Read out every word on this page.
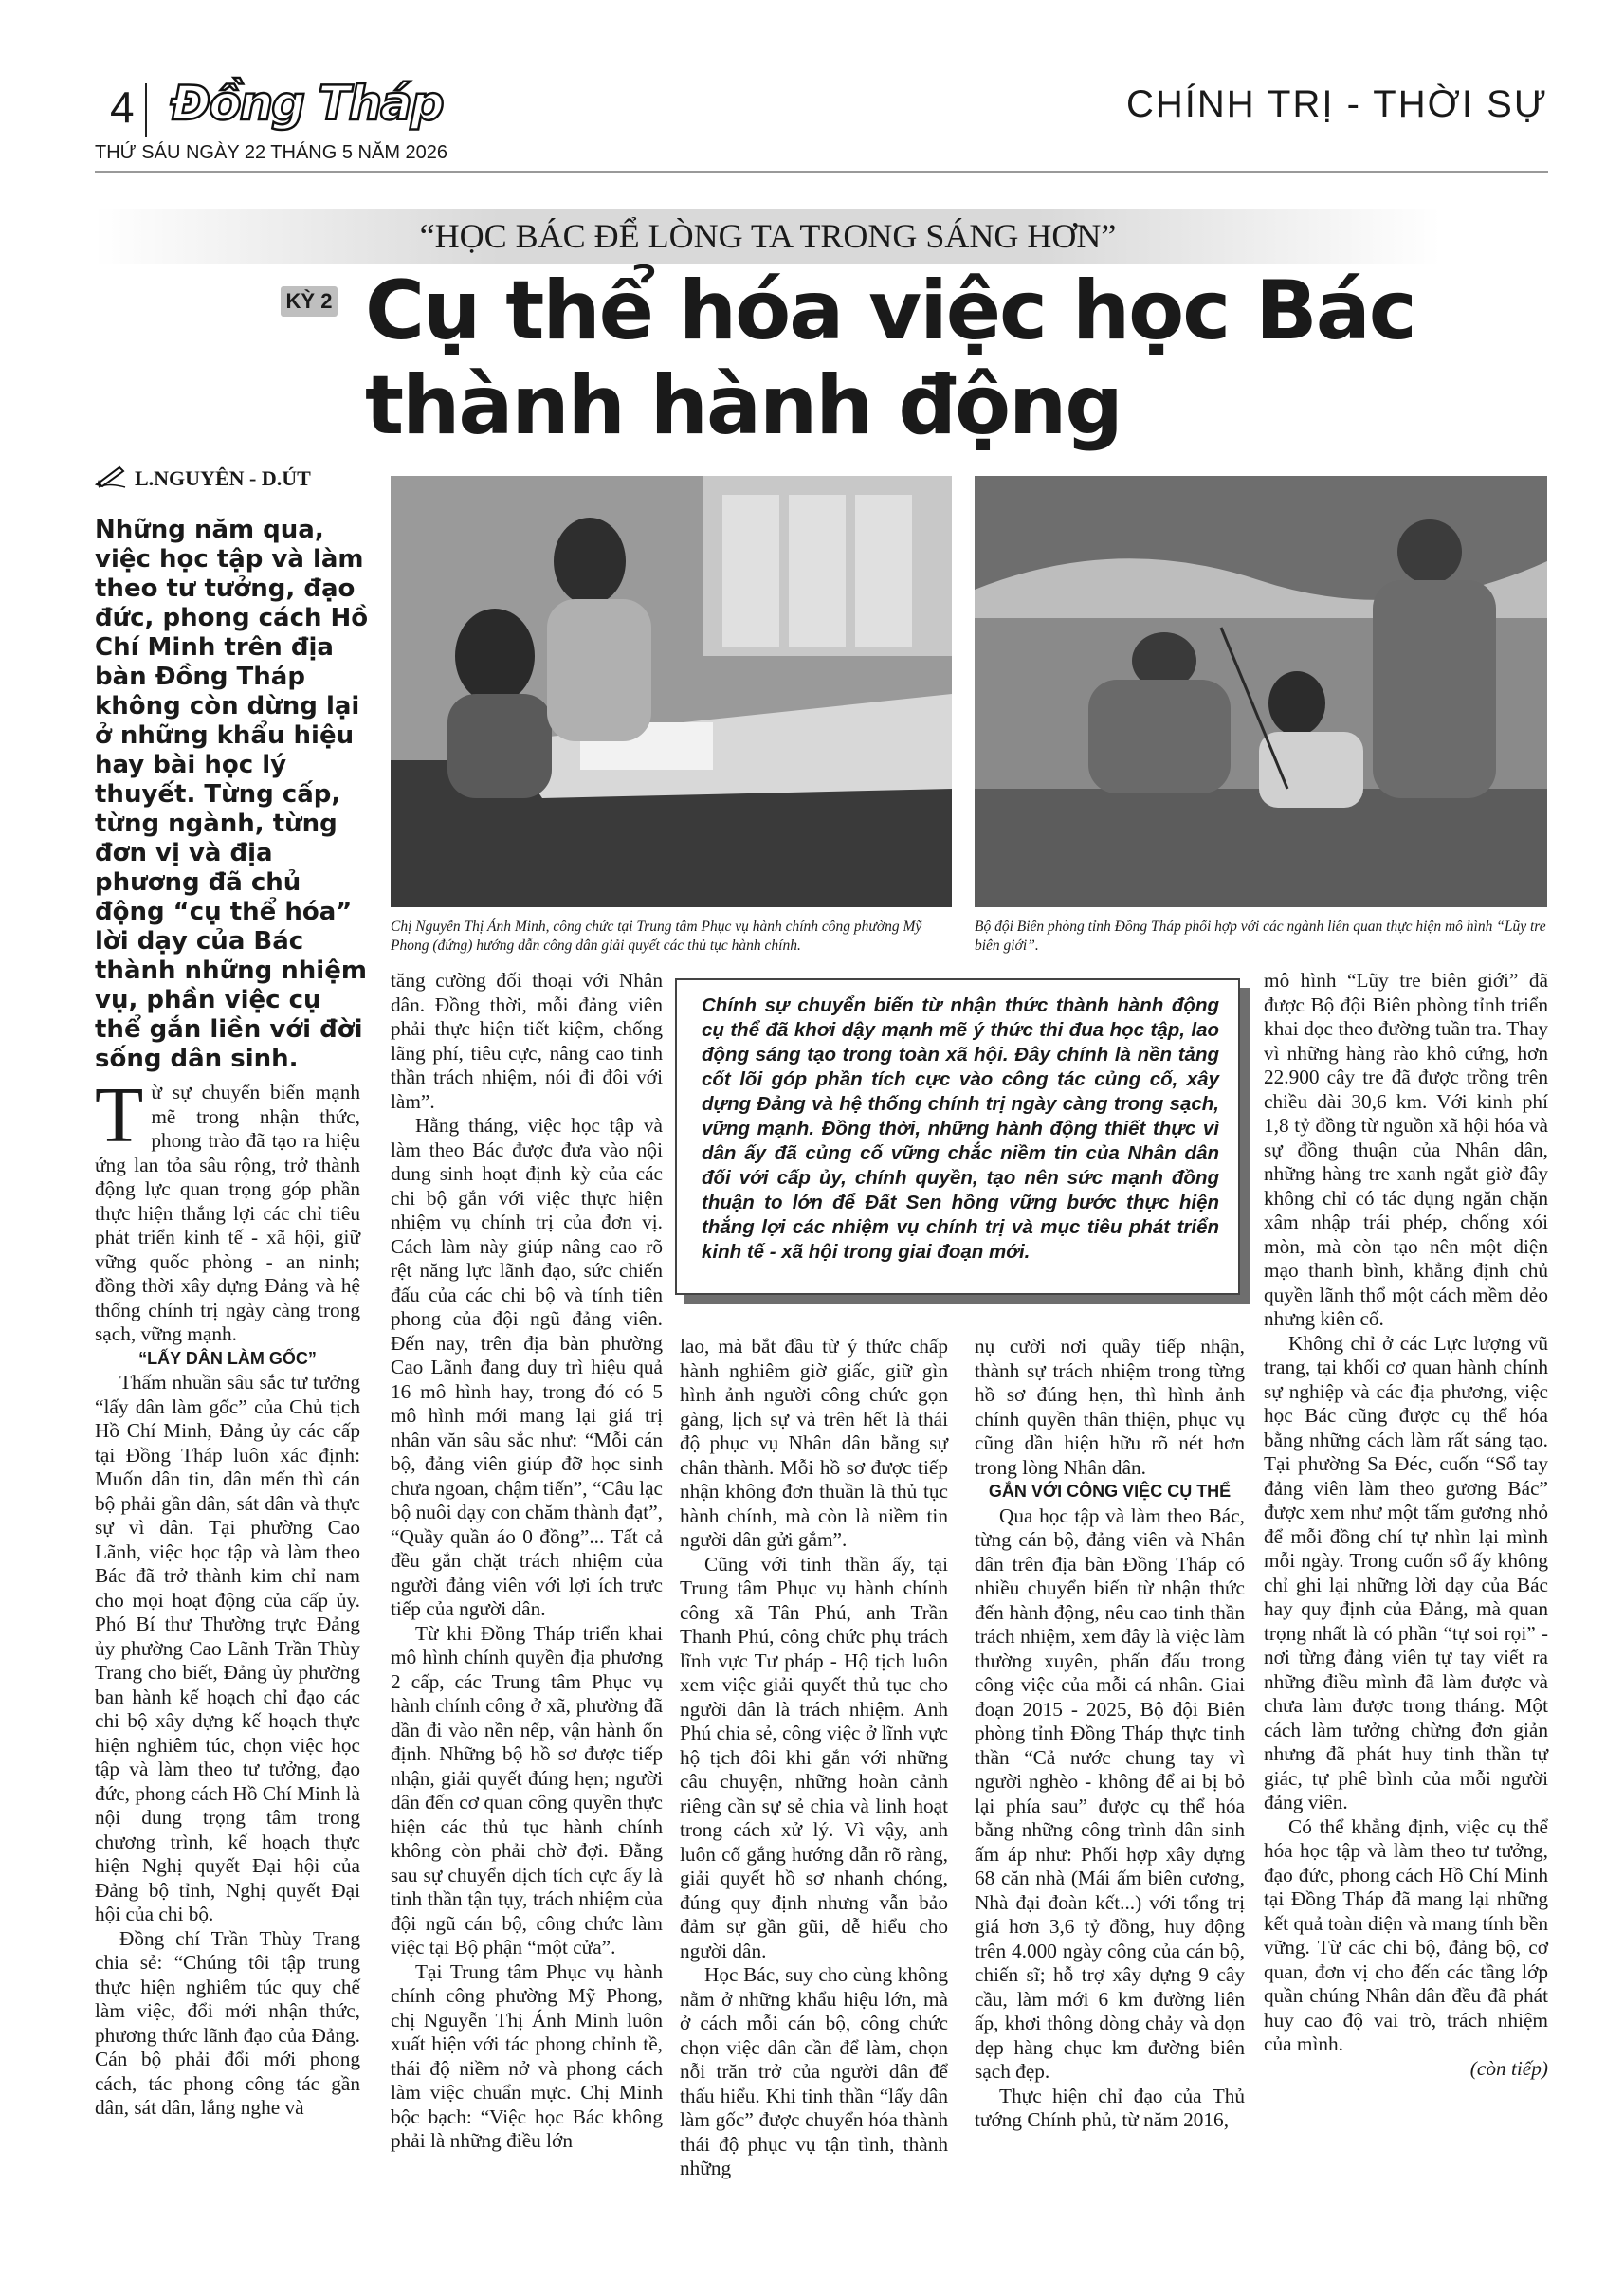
4 Đồng Tháp	CHÍNH TRỊ - THỜI SỰ
THỨ SÁU NGÀY 22 THÁNG 5 NĂM 2026
“HỌC BÁC ĐỂ LÒNG TA TRONG SÁNG HƠN”
KỲ 2 Cụ thể hóa việc học Bác
thành hành động
L.NGUYÊN - D.ÚT
Những năm qua, việc học tập và làm theo tư tưởng, đạo đức, phong cách Hồ Chí Minh trên địa bàn Đồng Tháp không còn dừng lại ở những khẩu hiệu hay bài học lý thuyết. Từng cấp, từng ngành, từng đơn vị và địa phương đã chủ động “cụ thể hóa” lời dạy của Bác thành những nhiệm vụ, phần việc cụ thể gắn liền với đời sống dân sinh.
Chị Nguyễn Thị Ánh Minh, công chức tại Trung tâm Phục vụ hành chính công phường Mỹ Phong (đứng) hướng dẫn công dân giải quyết các thủ tục hành chính.
Bộ đội Biên phòng tỉnh Đồng Tháp phối hợp với các ngành liên quan thực hiện mô hình “Lũy tre biên giới”.
Chính sự chuyển biến từ nhận thức thành hành động cụ thể đã khơi dậy mạnh mẽ ý thức thi đua học tập, lao động sáng tạo trong toàn xã hội. Đây chính là nền tảng cốt lõi góp phần tích cực vào công tác củng cố, xây dựng Đảng và hệ thống chính trị ngày càng trong sạch, vững mạnh. Đồng thời, những hành động thiết thực vì dân ấy đã củng cố vững chắc niềm tin của Nhân dân đối với cấp ủy, chính quyền, tạo nên sức mạnh đồng thuận to lớn để Đất Sen hồng vững bước thực hiện thắng lợi các nhiệm vụ chính trị và mục tiêu phát triển kinh tế - xã hội trong giai đoạn mới.

Từ sự chuyển biến mạnh mẽ trong nhận thức, phong trào đã tạo ra hiệu ứng lan tỏa sâu rộng, trở thành động lực quan trọng góp phần thực hiện thắng lợi các chỉ tiêu phát triển kinh tế - xã hội, giữ vững quốc phòng - an ninh; đồng thời xây dựng Đảng và hệ thống chính trị ngày càng trong sạch, vững mạnh.

“LẤY DÂN LÀM GỐC”

Thấm nhuần sâu sắc tư tưởng “lấy dân làm gốc” của Chủ tịch Hồ Chí Minh, Đảng ủy các cấp tại Đồng Tháp luôn xác định: Muốn dân tin, dân mến thì cán bộ phải gần dân, sát dân và thực sự vì dân. Tại phường Cao Lãnh, việc học tập và làm theo Bác đã trở thành kim chỉ nam cho mọi hoạt động của cấp ủy. Phó Bí thư Thường trực Đảng ủy phường Cao Lãnh Trần Thùy Trang cho biết, Đảng ủy phường ban hành kế hoạch chỉ đạo các chi bộ xây dựng kế hoạch thực hiện nghiêm túc, chọn việc học tập và làm theo tư tưởng, đạo đức, phong cách Hồ Chí Minh là nội dung trọng tâm trong chương trình, kế hoạch thực hiện Nghị quyết Đại hội của Đảng bộ tỉnh, Nghị quyết Đại hội của chi bộ.

Đồng chí Trần Thùy Trang chia sẻ: “Chúng tôi tập trung thực hiện nghiêm túc quy chế làm việc, đổi mới nhận thức, phương thức lãnh đạo của Đảng. Cán bộ phải đổi mới phong cách, tác phong công tác gần dân, sát dân, lắng nghe và

tăng cường đối thoại với Nhân dân. Đồng thời, mỗi đảng viên phải thực hiện tiết kiệm, chống lãng phí, tiêu cực, nâng cao tinh thần trách nhiệm, nói đi đôi với làm”.

Hằng tháng, việc học tập và làm theo Bác được đưa vào nội dung sinh hoạt định kỳ của các chi bộ gắn với việc thực hiện nhiệm vụ chính trị của đơn vị. Cách làm này giúp nâng cao rõ rệt năng lực lãnh đạo, sức chiến đấu của các chi bộ và tính tiên phong của đội ngũ đảng viên. Đến nay, trên địa bàn phường Cao Lãnh đang duy trì hiệu quả 16 mô hình hay, trong đó có 5 mô hình mới mang lại giá trị nhân văn sâu sắc như: “Mỗi cán bộ, đảng viên giúp đỡ học sinh chưa ngoan, chậm tiến”, “Câu lạc bộ nuôi dạy con chăm thành đạt”, “Quầy quần áo 0 đồng”... Tất cả đều gắn chặt trách nhiệm của người đảng viên với lợi ích trực tiếp của người dân.

Từ khi Đồng Tháp triển khai mô hình chính quyền địa phương 2 cấp, các Trung tâm Phục vụ hành chính công ở xã, phường đã dần đi vào nền nếp, vận hành ổn định. Những bộ hồ sơ được tiếp nhận, giải quyết đúng hẹn; người dân đến cơ quan công quyền thực hiện các thủ tục hành chính không còn phải chờ đợi. Đằng sau sự chuyển dịch tích cực ấy là tinh thần tận tụy, trách nhiệm của đội ngũ cán bộ, công chức làm việc tại Bộ phận “một cửa”.

Tại Trung tâm Phục vụ hành chính công phường Mỹ Phong, chị Nguyễn Thị Ánh Minh luôn xuất hiện với tác phong chỉnh tề, thái độ niềm nở và phong cách làm việc chuẩn mực. Chị Minh bộc bạch: “Việc học Bác không phải là những điều lớn

lao, mà bắt đầu từ ý thức chấp hành nghiêm giờ giấc, giữ gìn hình ảnh người công chức gọn gàng, lịch sự và trên hết là thái độ phục vụ Nhân dân bằng sự chân thành. Mỗi hồ sơ được tiếp nhận không đơn thuần là thủ tục hành chính, mà còn là niềm tin người dân gửi gắm”.

Cũng với tinh thần ấy, tại Trung tâm Phục vụ hành chính công xã Tân Phú, anh Trần Thanh Phú, công chức phụ trách lĩnh vực Tư pháp - Hộ tịch luôn xem việc giải quyết thủ tục cho người dân là trách nhiệm. Anh Phú chia sẻ, công việc ở lĩnh vực hộ tịch đôi khi gắn với những câu chuyện, những hoàn cảnh riêng cần sự sẻ chia và linh hoạt trong cách xử lý. Vì vậy, anh luôn cố gắng hướng dẫn rõ ràng, giải quyết hồ sơ nhanh chóng, đúng quy định nhưng vẫn bảo đảm sự gần gũi, dễ hiểu cho người dân.

Học Bác, suy cho cùng không nằm ở những khẩu hiệu lớn, mà ở cách mỗi cán bộ, công chức chọn việc dân cần để làm, chọn nỗi trăn trở của người dân để thấu hiểu. Khi tinh thần “lấy dân làm gốc” được chuyển hóa thành thái độ phục vụ tận tình, thành những

nụ cười nơi quầy tiếp nhận, thành sự trách nhiệm trong từng hồ sơ đúng hẹn, thì hình ảnh chính quyền thân thiện, phục vụ cũng dần hiện hữu rõ nét hơn trong lòng Nhân dân.

GẮN VỚI CÔNG VIỆC CỤ THỂ

Qua học tập và làm theo Bác, từng cán bộ, đảng viên và Nhân dân trên địa bàn Đồng Tháp có nhiều chuyển biến từ nhận thức đến hành động, nêu cao tinh thần trách nhiệm, xem đây là việc làm thường xuyên, phấn đấu trong công việc của mỗi cá nhân. Giai đoạn 2015 - 2025, Bộ đội Biên phòng tỉnh Đồng Tháp thực tinh thần “Cả nước chung tay vì người nghèo - không để ai bị bỏ lại phía sau” được cụ thể hóa bằng những công trình dân sinh ấm áp như: Phối hợp xây dựng 68 căn nhà (Mái ấm biên cương, Nhà đại đoàn kết...) với tổng trị giá hơn 3,6 tỷ đồng, huy động trên 4.000 ngày công của cán bộ, chiến sĩ; hỗ trợ xây dựng 9 cây cầu, làm mới 6 km đường liên ấp, khơi thông dòng chảy và dọn dẹp hàng chục km đường biên sạch đẹp.

Thực hiện chỉ đạo của Thủ tướng Chính phủ, từ năm 2016,

mô hình “Lũy tre biên giới” đã được Bộ đội Biên phòng tỉnh triển khai dọc theo đường tuần tra. Thay vì những hàng rào khô cứng, hơn 22.900 cây tre đã được trồng trên chiều dài 30,6 km. Với kinh phí 1,8 tỷ đồng từ nguồn xã hội hóa và sự đồng thuận của Nhân dân, những hàng tre xanh ngắt giờ đây không chỉ có tác dụng ngăn chặn xâm nhập trái phép, chống xói mòn, mà còn tạo nên một diện mạo thanh bình, khẳng định chủ quyền lãnh thổ một cách mềm dẻo nhưng kiên cố.

Không chỉ ở các Lực lượng vũ trang, tại khối cơ quan hành chính sự nghiệp và các địa phương, việc học Bác cũng được cụ thể hóa bằng những cách làm rất sáng tạo. Tại phường Sa Đéc, cuốn “Sổ tay đảng viên làm theo gương Bác” được xem như một tấm gương nhỏ để mỗi đồng chí tự nhìn lại mình mỗi ngày. Trong cuốn sổ ấy không chỉ ghi lại những lời dạy của Bác hay quy định của Đảng, mà quan trọng nhất là có phần “tự soi rọi” - nơi từng đảng viên tự tay viết ra những điều mình đã làm được và chưa làm được trong tháng. Một cách làm tưởng chừng đơn giản nhưng đã phát huy tinh thần tự giác, tự phê bình của mỗi người đảng viên.

Có thể khẳng định, việc cụ thể hóa học tập và làm theo tư tưởng, đạo đức, phong cách Hồ Chí Minh tại Đồng Tháp đã mang lại những kết quả toàn diện và mang tính bền vững. Từ các chi bộ, đảng bộ, cơ quan, đơn vị cho đến các tầng lớp quần chúng Nhân dân đều đã phát huy cao độ vai trò, trách nhiệm của mình.

(còn tiếp)
